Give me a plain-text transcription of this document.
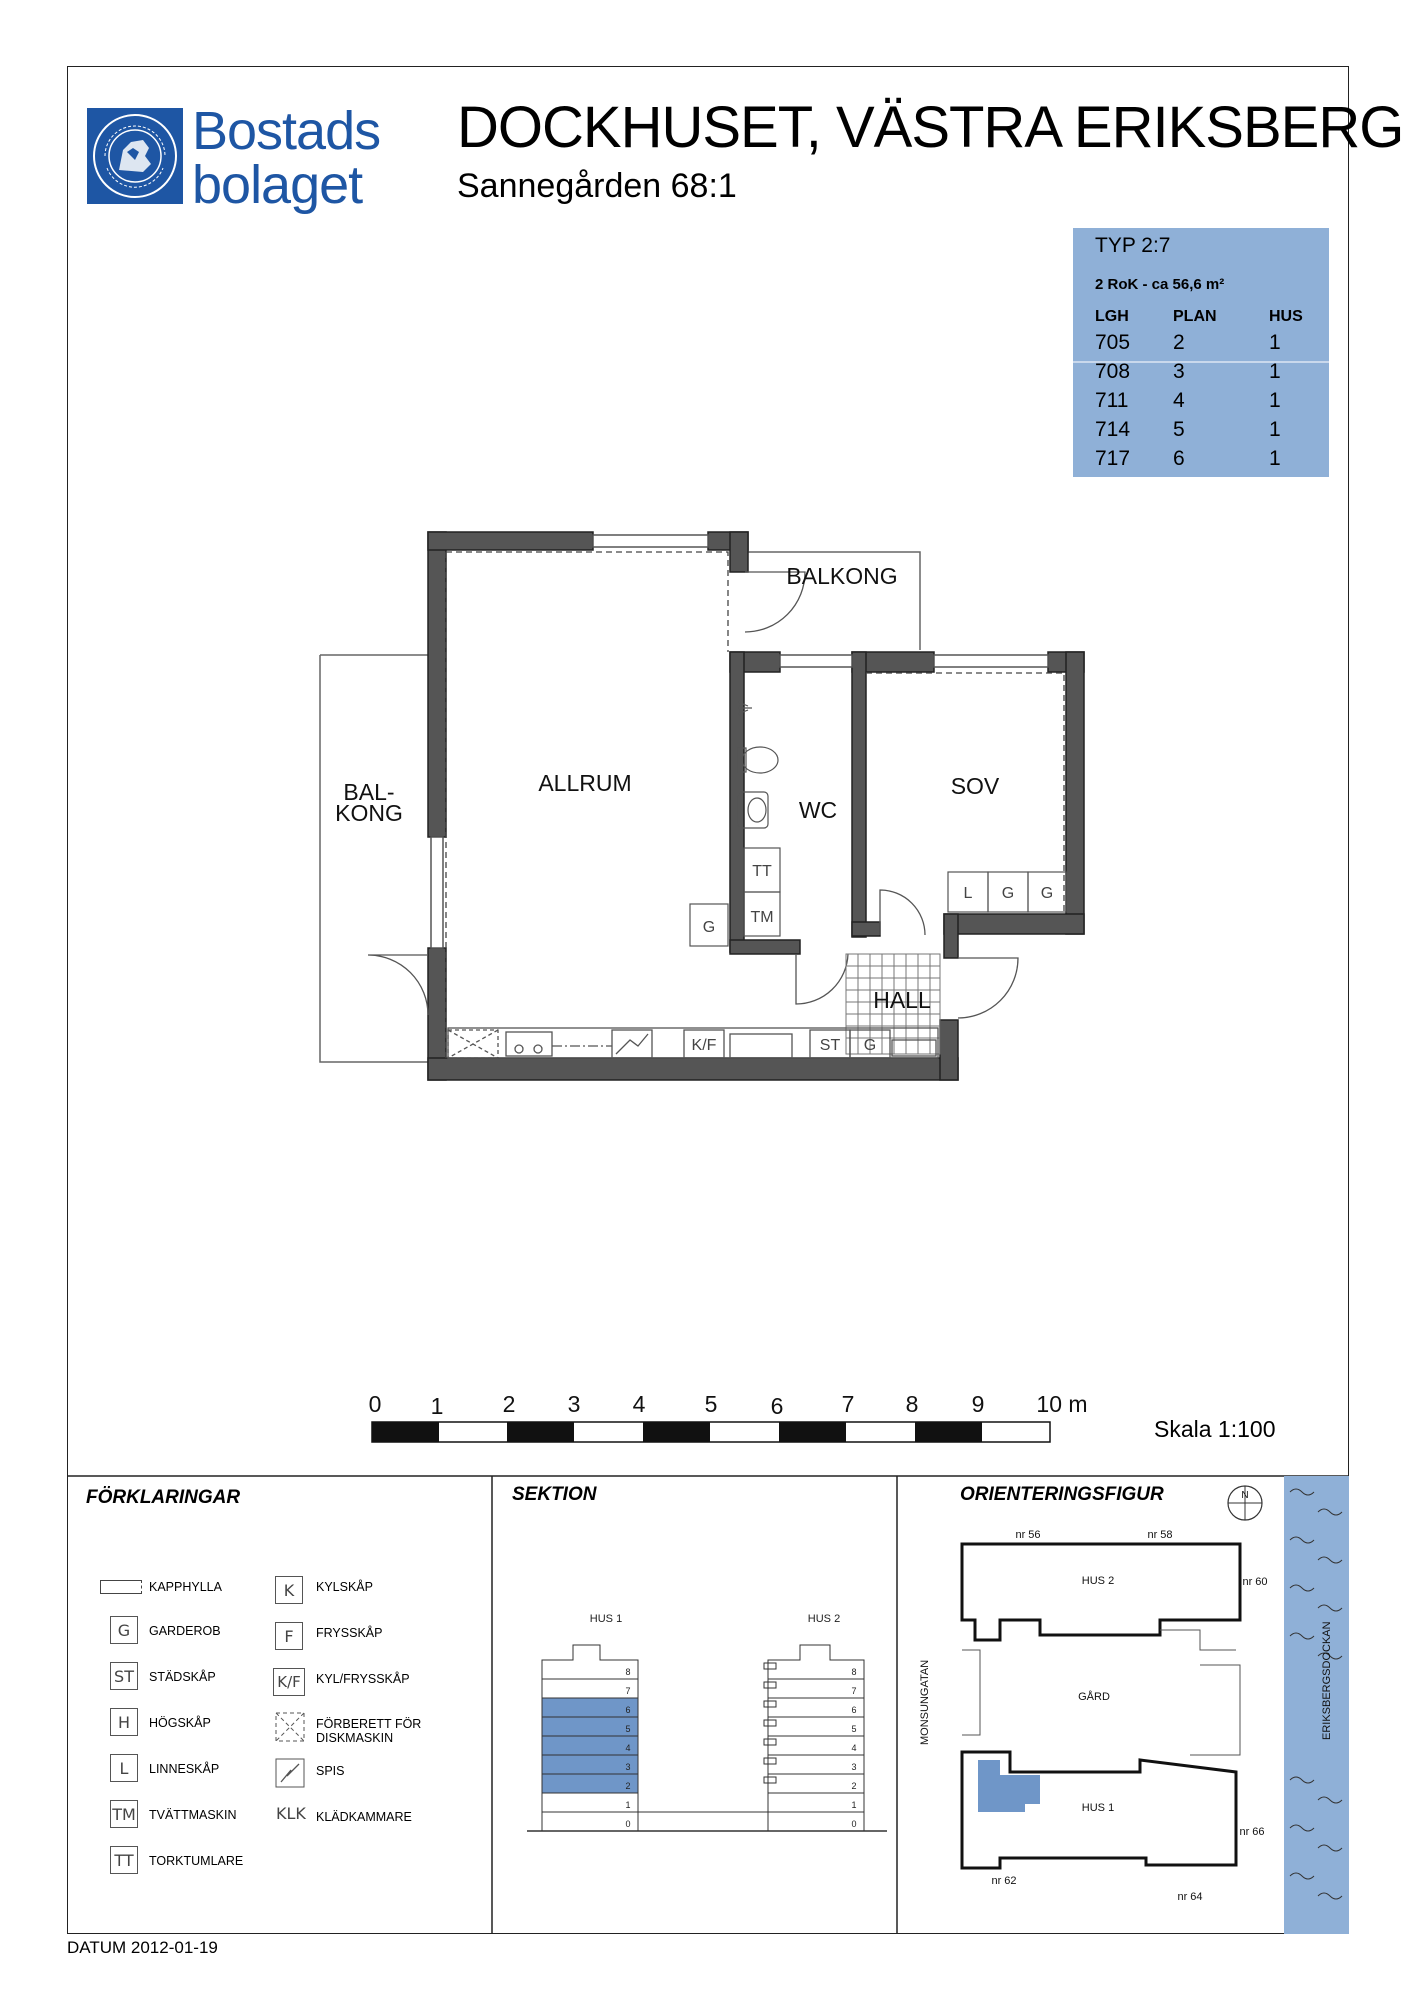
Bostads
bolaget
DOCKHUSET, VÄSTRA ERIKSBERG
Sannegården 68:1
TYP 2:7
2 RoK - ca 56,6 m²
LGH	PLAN	HUS
705 2	1
708 3	1
711 4	1
714 5	1
717 6	1
TT
TM
G
L G G
K/F	ST G
ALLRUM
WC
SOV
HALL
BALKONG
BAL-
KONG
0 1	2 3 4	5 6	7 8 9 10 m
Skala 1:100
FÖRKLARINGAR
KAPPHYLLA
G	GARDEROB
ST	STÄDSKÅP
H	HÖGSKÅP
L	LINNESKÅP
TM TVÄTTMASKIN
TT	TORKTUMLARE
K	KYLSKÅP
F	FRYSSKÅP
K/F	KYL/FRYSSKÅP
FÖRBERETT FÖR
DISKMASKIN
SPIS
KLK KLÄDKAMMARE
SEKTION
HUS 1	HUS 2
8
7
6
5
4
3
2
1
0
8
7
6
5
4
3
2
1
0
ORIENTERINGSFIGUR	N
ERIKSBERGSDOCKAN
MONSUNGATAN
nr 56	nr 58
nr 60
HUS 2
GÅRD
HUS 1
nr 66
nr 62
nr 64
DATUM 2012-01-19
